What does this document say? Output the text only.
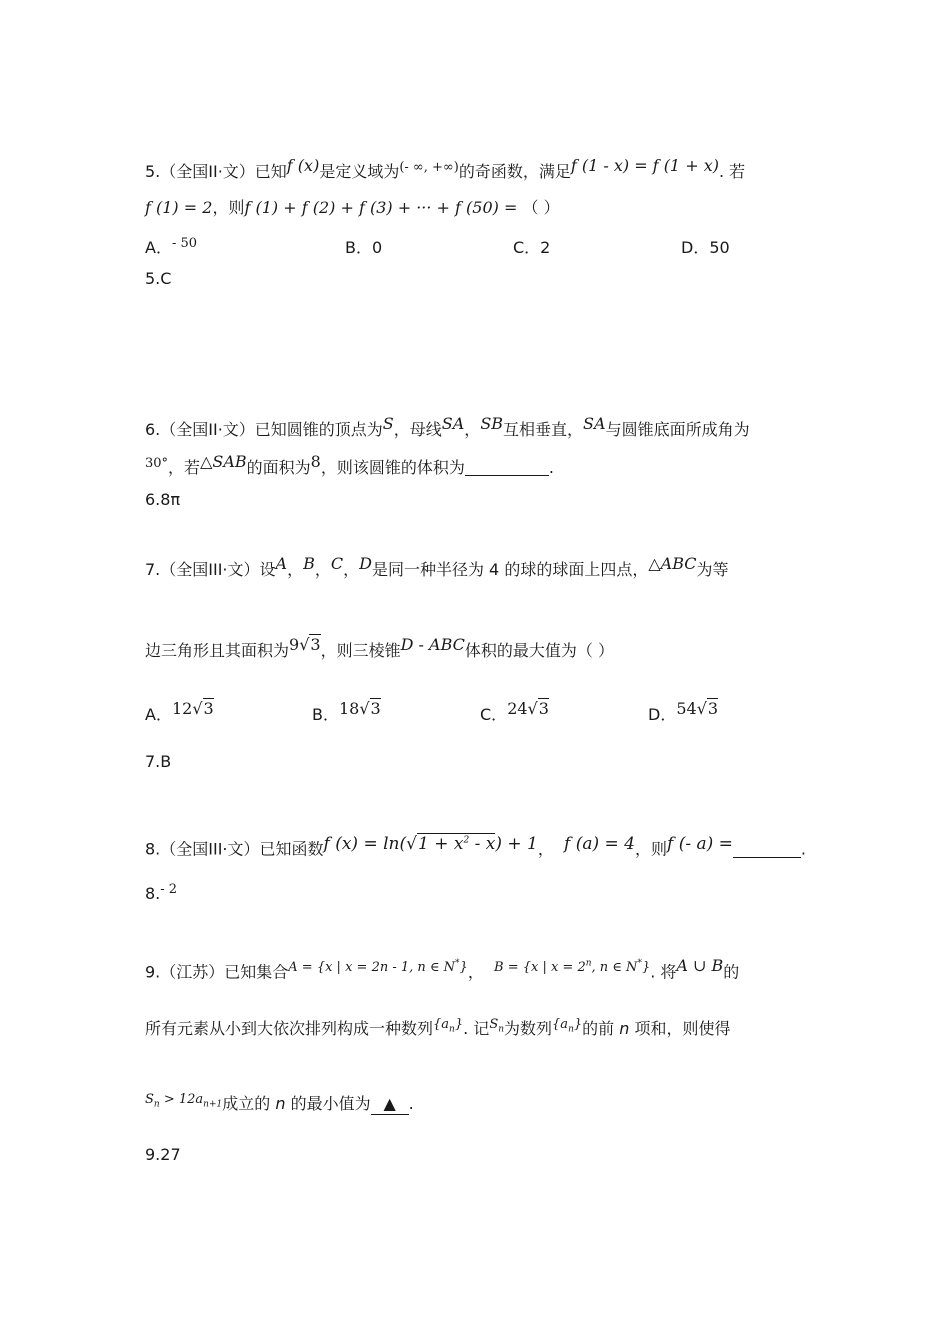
5.（全国II·文）已知f (x)是定义域为(- ∞, +∞)的奇函数，满足f (1 - x) = f (1 + x). 若
f (1) = 2，则f (1) + f (2) + f (3) + ··· + f (50) = （ ）
A．$^{- 50}$	B．0	C．2	D．50
5.C
6.（全国II·文）已知圆锥的顶点为S，母线SA，SB互相垂直，SA与圆锥底面所成角为
$^{30^\circ}$，若△SAB的面积为8，则该圆锥的体积为	.
6.8π
7.（全国III·文）设A，B，C，D是同一种半径为 4 的球的球面上四点，△ABC为等
边三角形且其面积为9√3，则三棱锥D - ABC体积的最大值为（ ）
A．12√3	B．18√3	C．24√3	D．54√3
7.B
8.（全国III·文）已知函数f $(x) = \ln(√1 + x^2 - x) + 1$， f (a) = 4，则f (- a) =	.
8.$^{- 2}$
9.（江苏）已知集合$^{A = \{x | x = 2n - 1, n \in N^*\}}$， $^{B = \{x | x = 2^n, n \in N^*\}}$. 将A ∪ B的
所有元素从小到大依次排列构成一种数列$^{\{a_n\}}$. 记$^{S_n}$为数列$^{\{a_n\}}$的前 n 项和，则使得
$^{S_n > 12a_{n+1}}$成立的 n 的最小值为 ▲ .
9.27
